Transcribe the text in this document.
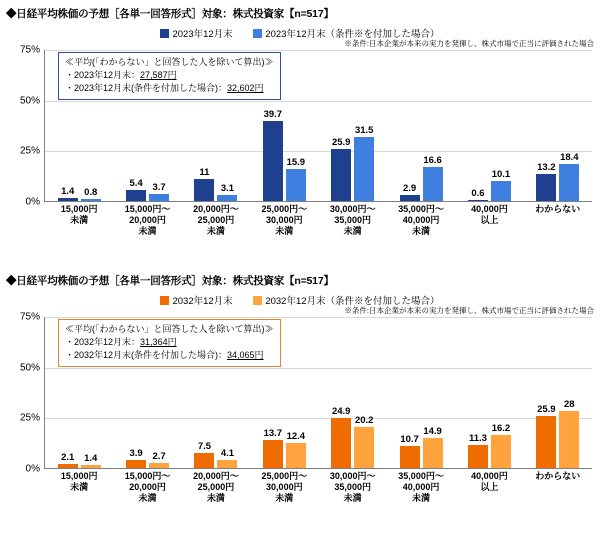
◆日経平均株価の予想［各単一回答形式］対象：株式投資家【n=517】
2023年12月末	2023年12月末（条件※を付加した場合）
※条件:日本企業が本来の実力を発揮し、株式市場で正当に評価された場合
75%
50%
25%
0%
1.4 0.8
5.4 3.7
11
3.1
39.7
15.9
25.9
31.5
2.9
16.6
0.6
10.1
13.2
18.4
15,000円
未満
15,000円～
20,000円
未満
20,000円～
25,000円
未満
25,000円～
30,000円
未満
30,000円～
35,000円
未満
35,000円～
40,000円
未満
40,000円
以上
わからない
≪平均(「わからない」と回答した人を除いて算出)≫
・2023年12月末：27,587円
・2023年12月末(条件を付加した場合)：32,602円
◆日経平均株価の予想［各単一回答形式］対象：株式投資家【n=517】
2032年12月末	2032年12月末（条件※を付加した場合）
※条件:日本企業が本来の実力を発揮し、株式市場で正当に評価された場合
75%
50%
25%
0%
2.1 1.4	3.9 2.7
7.5
4.1
13.7 12.4
24.9
20.2
10.7
14.9
11.3
16.2
25.9 28
15,000円
未満
15,000円～
20,000円
未満
20,000円～
25,000円
未満
25,000円～
30,000円
未満
30,000円～
35,000円
未満
35,000円～
40,000円
未満
40,000円
以上
わからない
≪平均(「わからない」と回答した人を除いて算出)≫
・2032年12月末：31,364円
・2032年12月末(条件を付加した場合)：34,065円
